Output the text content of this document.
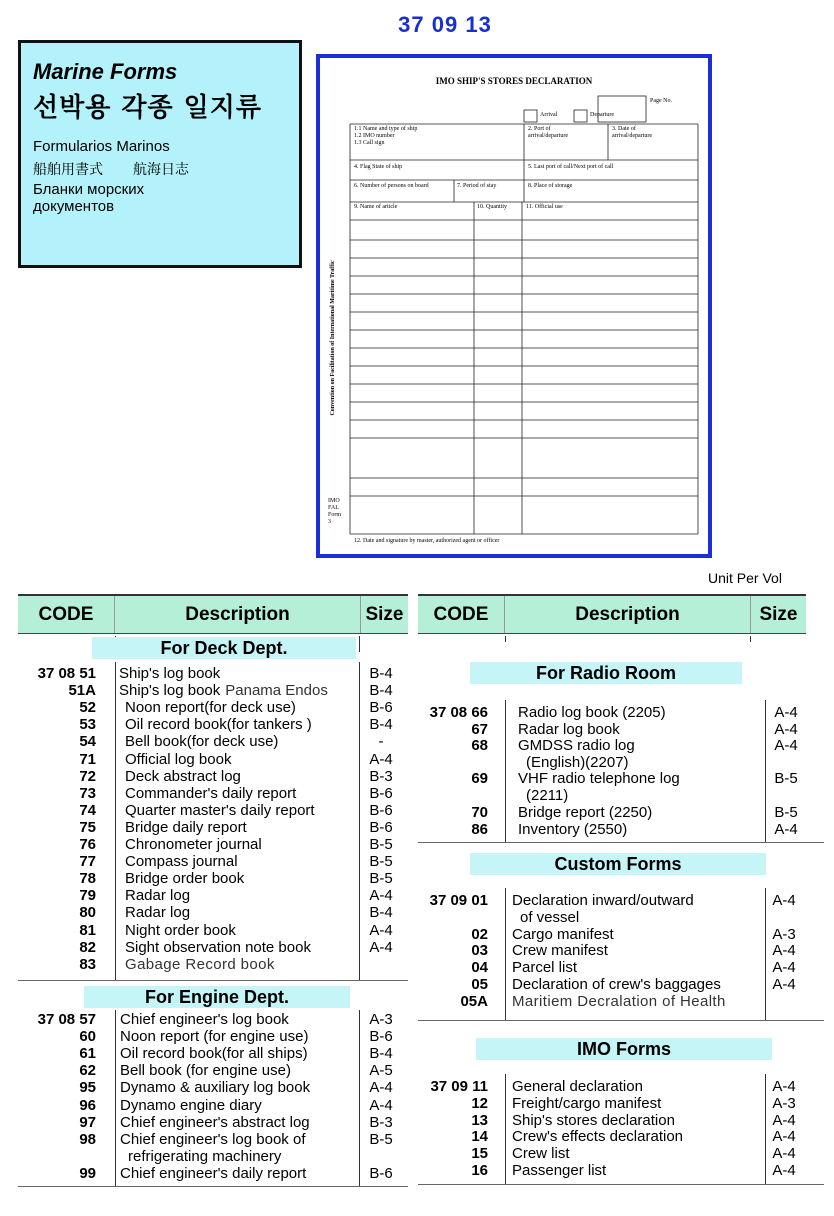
37 09 13
Marine Forms
선박용 각종 일지류
Formularios Marinos
船舶用書式 航海日志
Бланки морских документов
IMO SHIP'S STORES DECLARATION
Page No.
Arrival	Departure
1.1 Name and type of ship
1.2 IMO number
1.3 Call sign
2. Port of
arrival/departure
3. Date of
arrival/departure
4. Flag State of ship	5. Last port of call/Next port of call
6. Number of persons on board	7. Period of stay	8. Place of storage
9. Name of article	10. Quantity	11. Official use
12. Date and signature by master, authorized agent or officer
IMO
FAL
Form
3
Convention on Facilitation of International Maritime Traffic
Unit Per Vol
CODE	Description	Size	CODE	Description	Size
For Deck Dept.
For Engine Dept.
For Radio Room
Custom Forms
IMO Forms
37 08 51 Ship's log book	B-4
51A Ship's log book Panama Endos	B-4
52 Noon report(for deck use)	B-6
53 Oil record book(for tankers )	B-4
54 Bell book(for deck use)	-
71 Official log book	A-4
72 Deck abstract log	B-3
73 Commander's daily report	B-6
74 Quarter master's daily report	B-6
75 Bridge daily report	B-6
76 Chronometer journal	B-5
77 Compass journal	B-5
78 Bridge order book	B-5
79 Radar log	A-4
80 Radar log	B-4
81 Night order book	A-4
82 Sight observation note book	A-4
83 Gabage Record book
37 08 57 Chief engineer's log book	A-3
60 Noon report (for engine use)	B-6
61 Oil record book(for all ships)	B-4
62 Bell book (for engine use)	A-5
95 Dynamo & auxiliary log book	A-4
96 Dynamo engine diary	A-4
97 Chief engineer's abstract log	B-3
98 Chief engineer's log book of	B-5
refrigerating machinery
99 Chief engineer's daily report	B-6
37 08 66 Radio log book (2205)	A-4
67 Radar log book	A-4
68 GMDSS radio log	A-4
(English)(2207)
69 VHF radio telephone log	B-5
(2211)
70 Bridge report (2250)	B-5
86 Inventory (2550)	A-4
37 09 01 Declaration inward/outward	A-4
of vessel
02 Cargo manifest	A-3
03 Crew manifest	A-4
04 Parcel list	A-4
05 Declaration of crew's baggages	A-4
05A Maritiem Decralation of Health
37 09 11 General declaration	A-4
12 Freight/cargo manifest	A-3
13 Ship's stores declaration	A-4
14 Crew's effects declaration	A-4
15 Crew list	A-4
16 Passenger list	A-4
